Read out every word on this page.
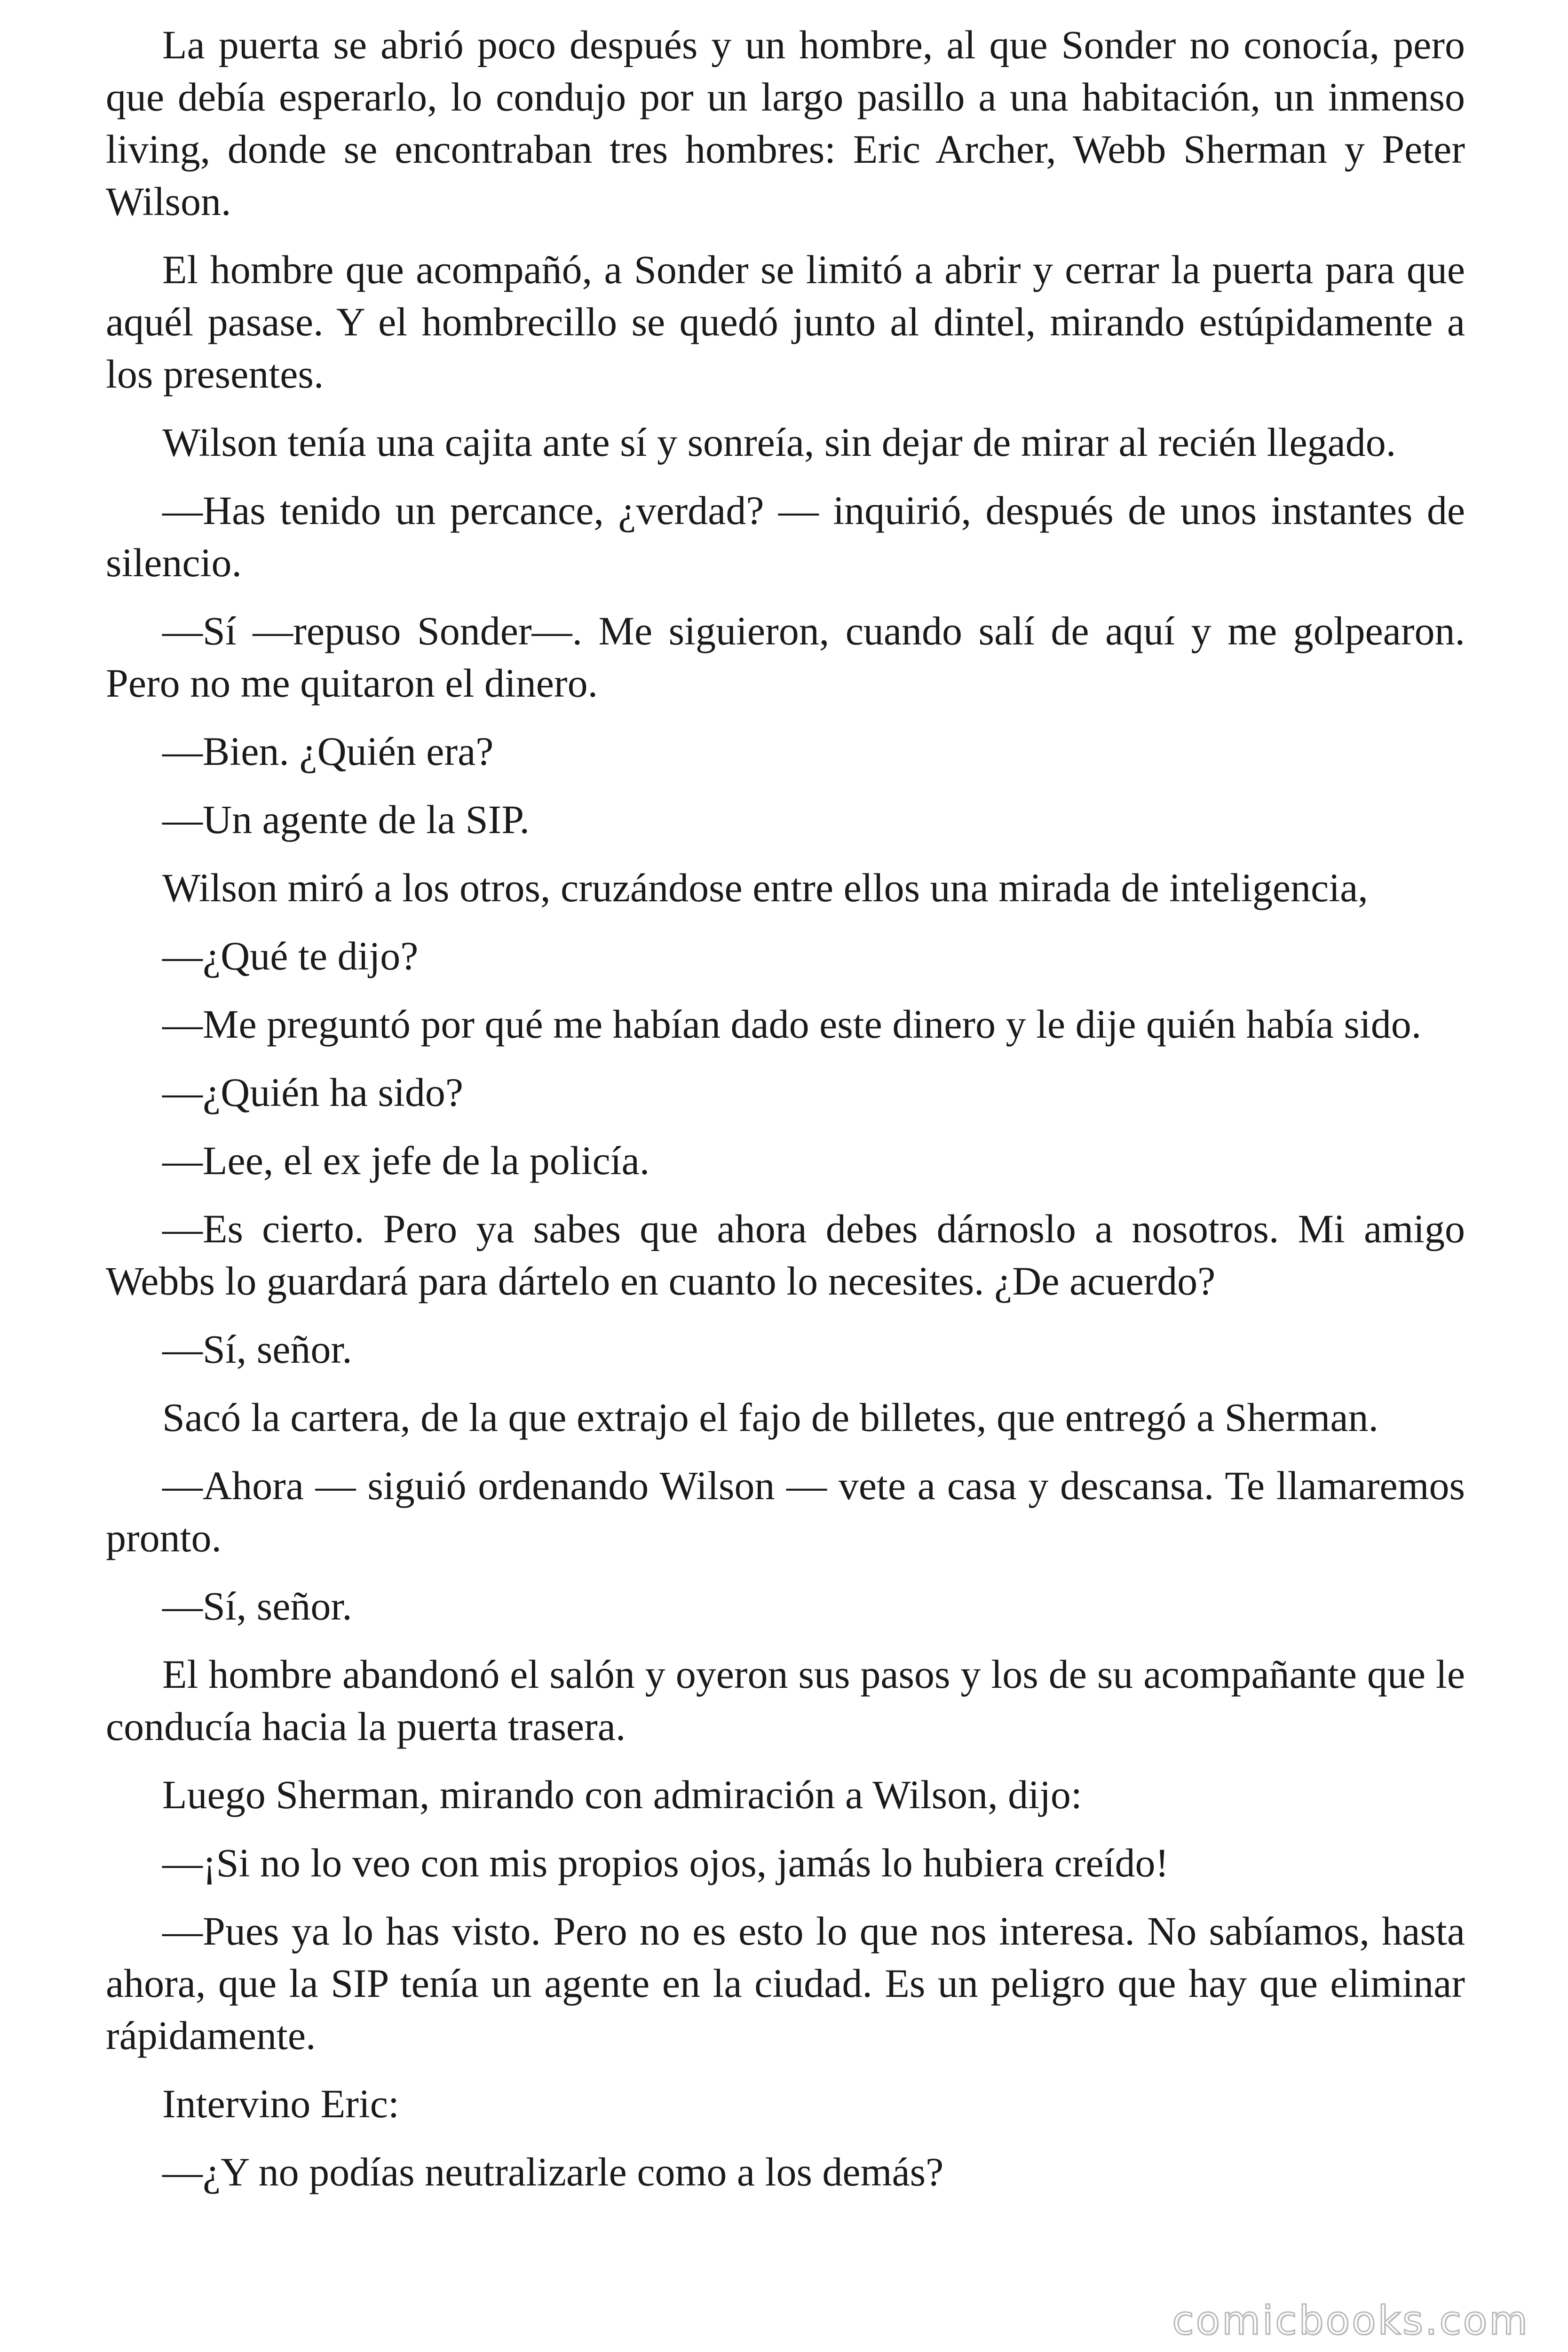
La puerta se abrió poco después y un hombre, al que Sonder no conocía, pero que debía esperarlo, lo condujo por un largo pasillo a una habitación, un inmenso living, donde se encontraban tres hombres: Eric Archer, Webb Sherman y Peter Wilson.

El hombre que acompañó, a Sonder se limitó a abrir y cerrar la puerta para que aquél pasase. Y el hombrecillo se quedó junto al dintel, mirando estúpidamente a los presentes.

Wilson tenía una cajita ante sí y sonreía, sin dejar de mirar al recién llegado.

—Has tenido un percance, ¿verdad? — inquirió, después de unos instantes de silencio.

—Sí —repuso Sonder—. Me siguieron, cuando salí de aquí y me golpearon. Pero no me quitaron el dinero.

—Bien. ¿Quién era?

—Un agente de la SIP.

Wilson miró a los otros, cruzándose entre ellos una mirada de inteligencia,

—¿Qué te dijo?

—Me preguntó por qué me habían dado este dinero y le dije quién había sido.

—¿Quién ha sido?

—Lee, el ex jefe de la policía.

—Es cierto. Pero ya sabes que ahora debes dárnoslo a nosotros. Mi amigo Webbs lo guardará para dártelo en cuanto lo necesites. ¿De acuerdo?

—Sí, señor.

Sacó la cartera, de la que extrajo el fajo de billetes, que entregó a Sherman.

—Ahora — siguió ordenando Wilson — vete a casa y descansa. Te llamaremos pronto.

—Sí, señor.

El hombre abandonó el salón y oyeron sus pasos y los de su acompañante que le conducía hacia la puerta trasera.

Luego Sherman, mirando con admiración a Wilson, dijo:

—¡Si no lo veo con mis propios ojos, jamás lo hubiera creído!

—Pues ya lo has visto. Pero no es esto lo que nos interesa. No sabíamos, hasta ahora, que la SIP tenía un agente en la ciudad. Es un peligro que hay que eliminar rápidamente.

Intervino Eric:

—¿Y no podías neutralizarle como a los demás?

comicbooks.com
